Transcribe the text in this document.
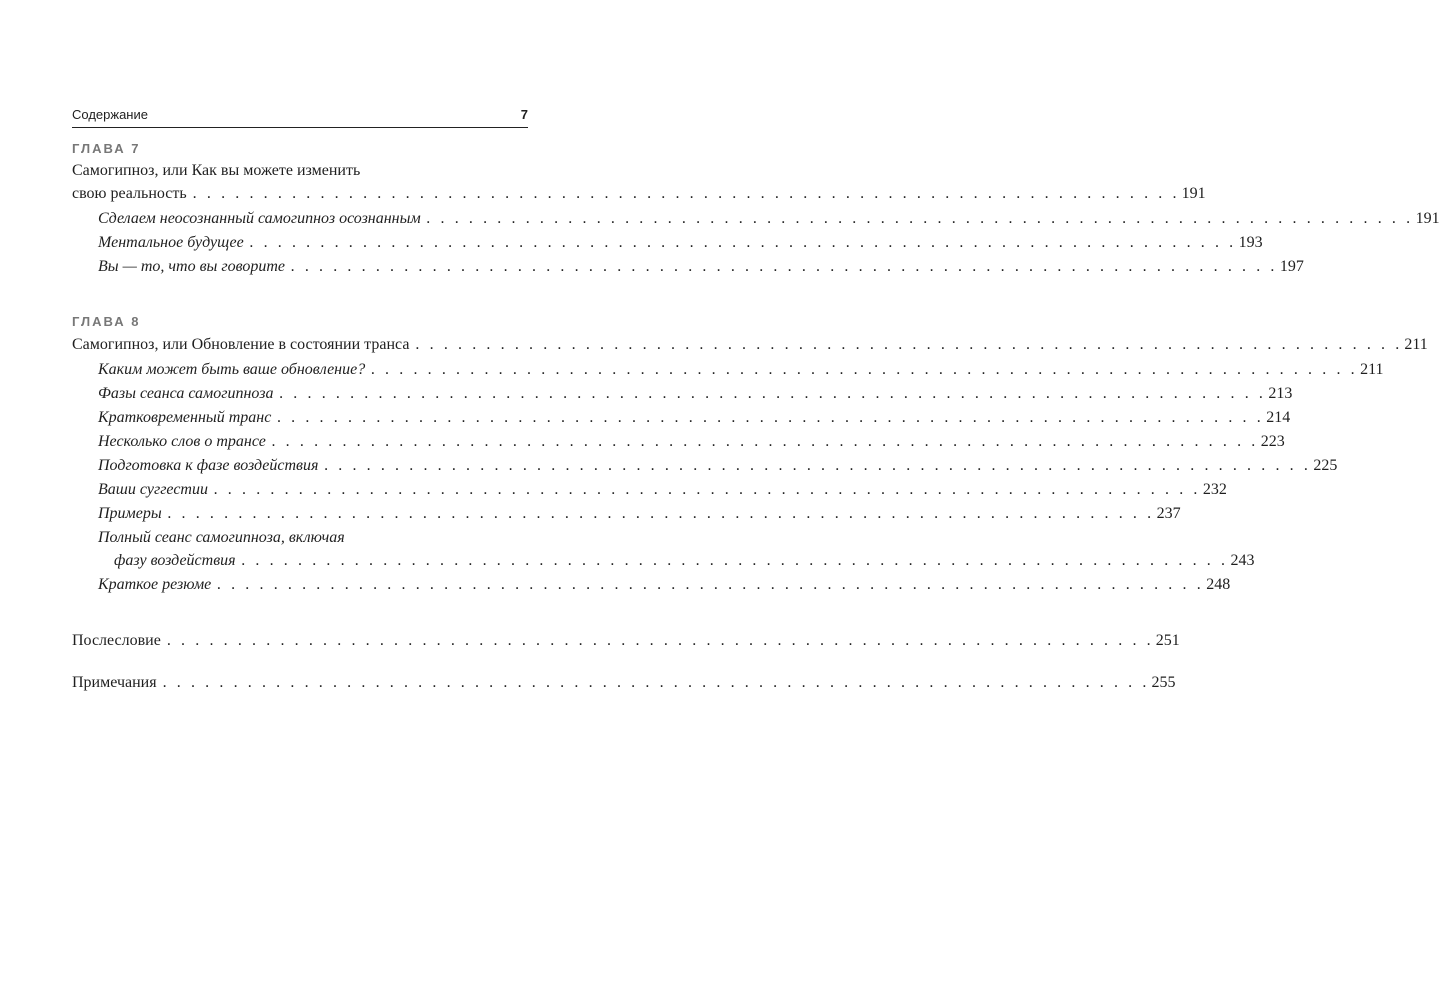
Содержание	7
ГЛАВА 7
Самогипноз, или Как вы можете изменить
свою реальность . . . . . . . . . . . . . . . . . . . . . . . . . . . . . . . . . . . . . . . . . . . . . . . . . . . . . . . . . . . . . . . . . . . . . . 191
Сделаем неосознанный самогипноз осознанным . . . . . . . . . . . . . . . . . . . . . . . . . . . . . . . . . . . . . . . . . . . . . . . . . . . . . . . . . . . . . . . . . . . . . . 191
Ментальное будущее . . . . . . . . . . . . . . . . . . . . . . . . . . . . . . . . . . . . . . . . . . . . . . . . . . . . . . . . . . . . . . . . . . . . . . 193
Вы — то, что вы говорите . . . . . . . . . . . . . . . . . . . . . . . . . . . . . . . . . . . . . . . . . . . . . . . . . . . . . . . . . . . . . . . . . . . . . . 197
ГЛАВА 8
Самогипноз, или Обновление в состоянии транса . . . . . . . . . . . . . . . . . . . . . . . . . . . . . . . . . . . . . . . . . . . . . . . . . . . . . . . . . . . . . . . . . . . . . . 211
Каким может быть ваше обновление? . . . . . . . . . . . . . . . . . . . . . . . . . . . . . . . . . . . . . . . . . . . . . . . . . . . . . . . . . . . . . . . . . . . . . . 211
Фазы сеанса самогипноза . . . . . . . . . . . . . . . . . . . . . . . . . . . . . . . . . . . . . . . . . . . . . . . . . . . . . . . . . . . . . . . . . . . . . . 213
Кратковременный транс . . . . . . . . . . . . . . . . . . . . . . . . . . . . . . . . . . . . . . . . . . . . . . . . . . . . . . . . . . . . . . . . . . . . . . 214
Несколько слов о трансе . . . . . . . . . . . . . . . . . . . . . . . . . . . . . . . . . . . . . . . . . . . . . . . . . . . . . . . . . . . . . . . . . . . . . . 223
Подготовка к фазе воздействия . . . . . . . . . . . . . . . . . . . . . . . . . . . . . . . . . . . . . . . . . . . . . . . . . . . . . . . . . . . . . . . . . . . . . . 225
Ваши суггестии . . . . . . . . . . . . . . . . . . . . . . . . . . . . . . . . . . . . . . . . . . . . . . . . . . . . . . . . . . . . . . . . . . . . . . 232
Примеры . . . . . . . . . . . . . . . . . . . . . . . . . . . . . . . . . . . . . . . . . . . . . . . . . . . . . . . . . . . . . . . . . . . . . . 237
Полный сеанс самогипноза, включая
фазу воздействия . . . . . . . . . . . . . . . . . . . . . . . . . . . . . . . . . . . . . . . . . . . . . . . . . . . . . . . . . . . . . . . . . . . . . . 243
Краткое резюме . . . . . . . . . . . . . . . . . . . . . . . . . . . . . . . . . . . . . . . . . . . . . . . . . . . . . . . . . . . . . . . . . . . . . . 248
Послесловие . . . . . . . . . . . . . . . . . . . . . . . . . . . . . . . . . . . . . . . . . . . . . . . . . . . . . . . . . . . . . . . . . . . . . . 251
Примечания . . . . . . . . . . . . . . . . . . . . . . . . . . . . . . . . . . . . . . . . . . . . . . . . . . . . . . . . . . . . . . . . . . . . . . 255
